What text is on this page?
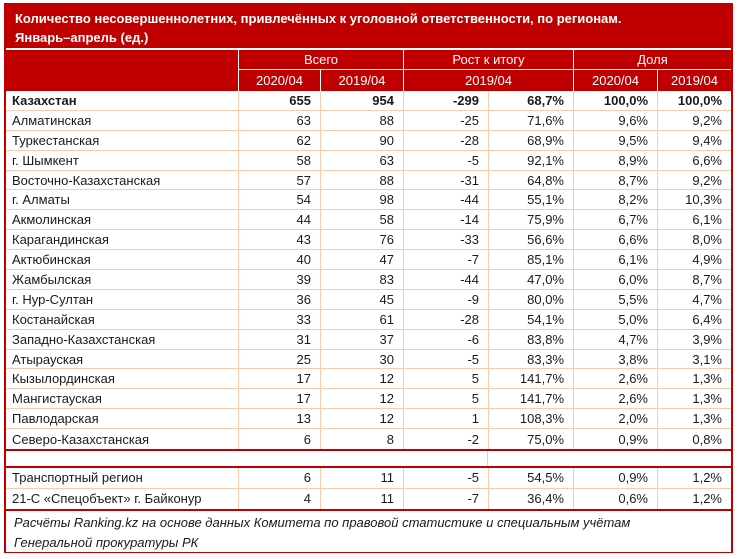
Количество несовершеннолетних, привлечённых к уголовной ответственности, по регионам.
Январь–апрель (ед.)
Всего	Рост к итогу	Доля
2020/04	2019/04	2019/04	2020/04	2019/04
Казахстан	655	954	-299	68,7%	100,0%	100,0%
Алматинская	63	88	-25	71,6%	9,6%	9,2%
Туркестанская	62	90	-28	68,9%	9,5%	9,4%
г. Шымкент	58	63	-5	92,1%	8,9%	6,6%
Восточно-Казахстанская	57	88	-31	64,8%	8,7%	9,2%
г. Алматы	54	98	-44	55,1%	8,2%	10,3%
Акмолинская	44	58	-14	75,9%	6,7%	6,1%
Карагандинская	43	76	-33	56,6%	6,6%	8,0%
Актюбинская	40	47	-7	85,1%	6,1%	4,9%
Жамбылская	39	83	-44	47,0%	6,0%	8,7%
г. Нур-Султан	36	45	-9	80,0%	5,5%	4,7%
Костанайская	33	61	-28	54,1%	5,0%	6,4%
Западно-Казахстанская	31	37	-6	83,8%	4,7%	3,9%
Атырауская	25	30	-5	83,3%	3,8%	3,1%
Кызылординская	17	12	5	141,7%	2,6%	1,3%
Мангистауская	17	12	5	141,7%	2,6%	1,3%
Павлодарская	13	12	1	108,3%	2,0%	1,3%
Северо-Казахстанская	6	8	-2	75,0%	0,9%	0,8%
Транспортный регион	6	11	-5	54,5%	0,9%	1,2%
21-С «Спецобъект» г. Байконур	4	11	-7	36,4%	0,6%	1,2%
Расчёты Ranking.kz на основе данных Комитета по правовой статистике и специальным учётам
Генеральной прокуратуры РК
